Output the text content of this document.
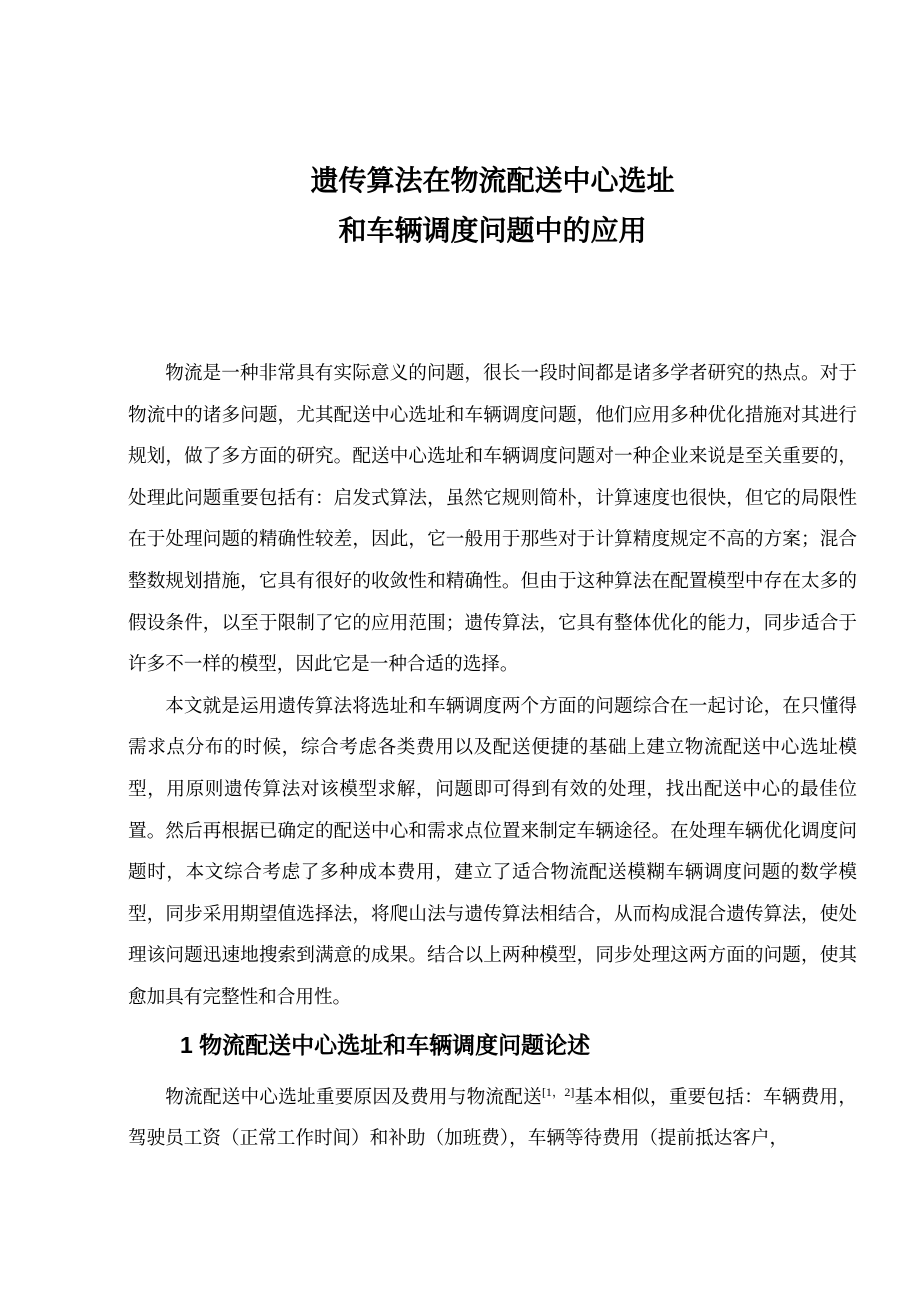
遗传算法在物流配送中心选址
和车辆调度问题中的应用

物流是一种非常具有实际意义的问题，很长一段时间都是诸多学者研究的热点。对于物流中的诸多问题，尤其配送中心选址和车辆调度问题，他们应用多种优化措施对其进行规划，做了多方面的研究。配送中心选址和车辆调度问题对一种企业来说是至关重要的，处理此问题重要包括有：启发式算法，虽然它规则简朴，计算速度也很快，但它的局限性在于处理问题的精确性较差，因此，它一般用于那些对于计算精度规定不高的方案；混合整数规划措施，它具有很好的收敛性和精确性。但由于这种算法在配置模型中存在太多的假设条件，以至于限制了它的应用范围；遗传算法，它具有整体优化的能力，同步适合于许多不一样的模型，因此它是一种合适的选择。

本文就是运用遗传算法将选址和车辆调度两个方面的问题综合在一起讨论，在只懂得需求点分布的时候，综合考虑各类费用以及配送便捷的基础上建立物流配送中心选址模型，用原则遗传算法对该模型求解，问题即可得到有效的处理，找出配送中心的最佳位置。然后再根据已确定的配送中心和需求点位置来制定车辆途径。在处理车辆优化调度问题时，本文综合考虑了多种成本费用，建立了适合物流配送模糊车辆调度问题的数学模型，同步采用期望值选择法，将爬山法与遗传算法相结合，从而构成混合遗传算法，使处理该问题迅速地搜索到满意的成果。结合以上两种模型，同步处理这两方面的问题，使其愈加具有完整性和合用性。

1 物流配送中心选址和车辆调度问题论述

物流配送中心选址重要原因及费用与物流配送[1，2]基本相似，重要包括：车辆费用，驾驶员工资（正常工作时间）和补助（加班费），车辆等待费用（提前抵达客户，
